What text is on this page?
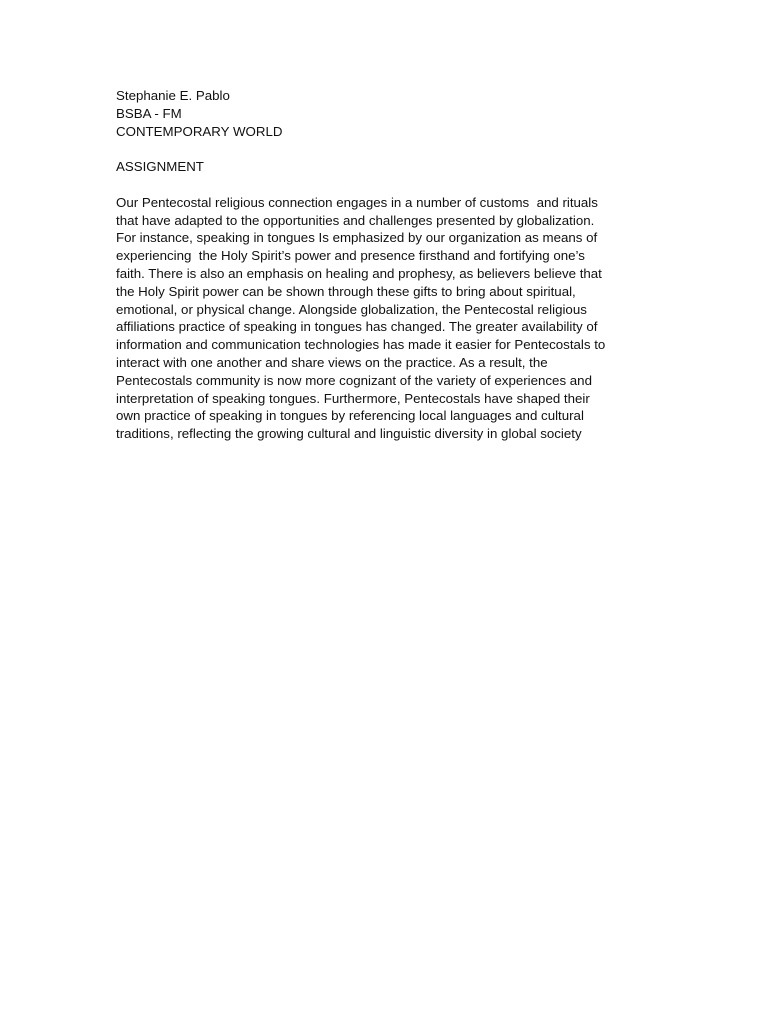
Stephanie E. Pablo
BSBA - FM
CONTEMPORARY WORLD
ASSIGNMENT
Our Pentecostal religious connection engages in a number of customs  and rituals
that have adapted to the opportunities and challenges presented by globalization.
For instance, speaking in tongues Is emphasized by our organization as means of
experiencing  the Holy Spirit’s power and presence firsthand and fortifying one’s
faith. There is also an emphasis on healing and prophesy, as believers believe that
the Holy Spirit power can be shown through these gifts to bring about spiritual,
emotional, or physical change. Alongside globalization, the Pentecostal religious
affiliations practice of speaking in tongues has changed. The greater availability of
information and communication technologies has made it easier for Pentecostals to
interact with one another and share views on the practice. As a result, the
Pentecostals community is now more cognizant of the variety of experiences and
interpretation of speaking tongues. Furthermore, Pentecostals have shaped their
own practice of speaking in tongues by referencing local languages and cultural
traditions, reflecting the growing cultural and linguistic diversity in global society
